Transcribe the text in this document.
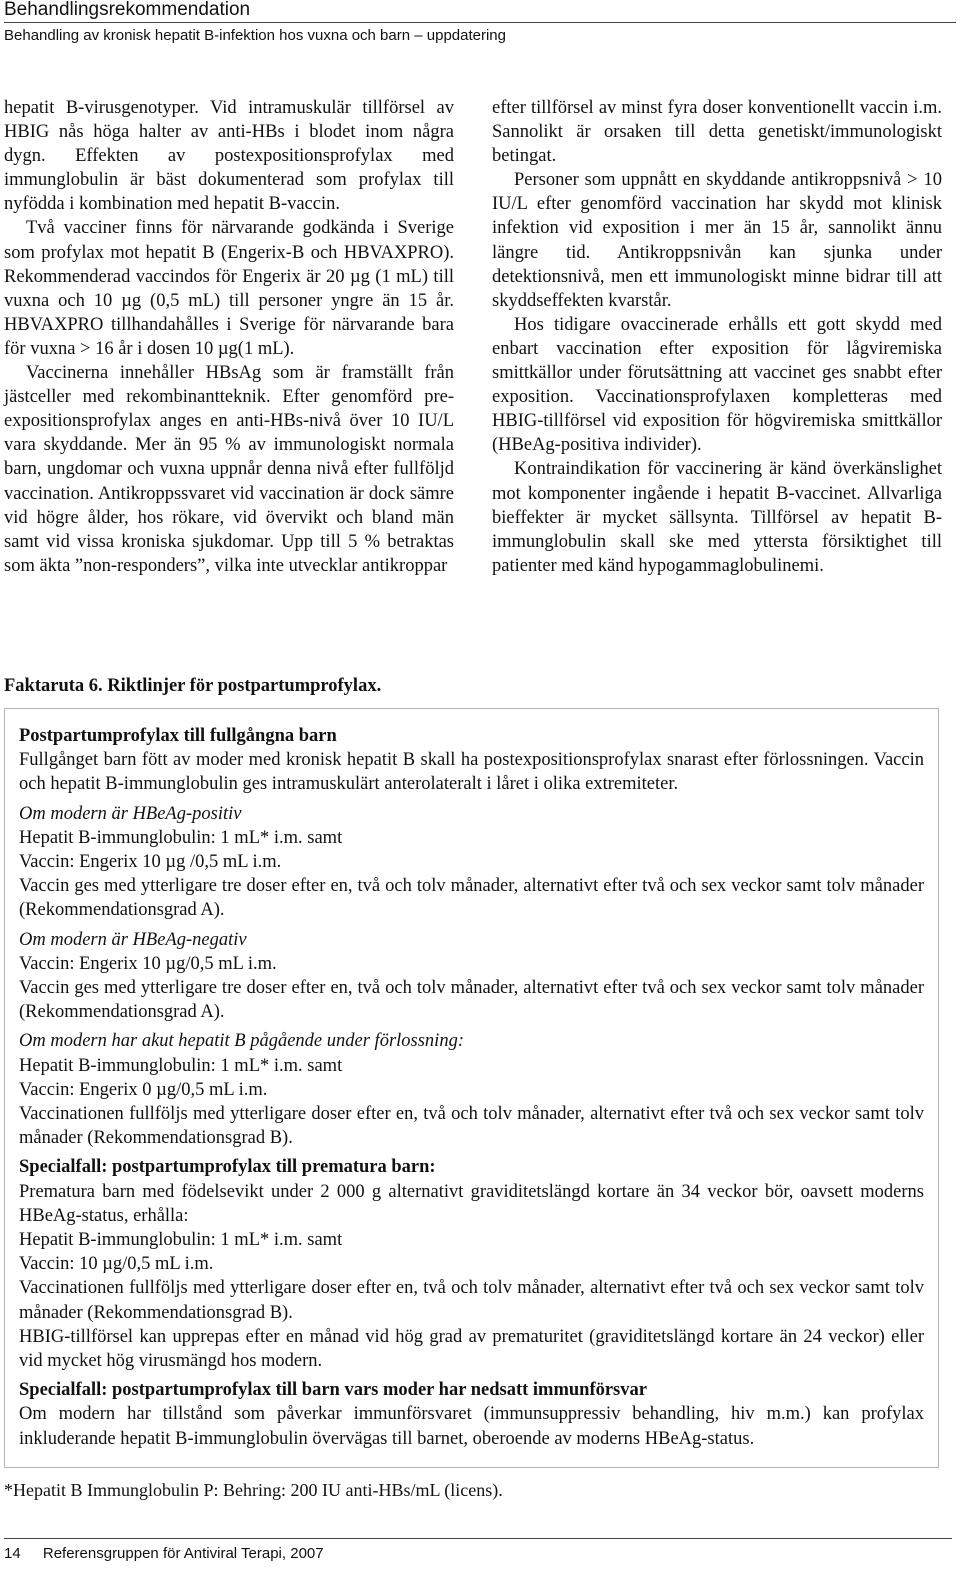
Behandlingsrekommendation
Behandling av kronisk hepatit B-infektion hos vuxna och barn – uppdatering

hepatit B-virusgenotyper. Vid intramuskulär tillförsel av HBIG nås höga halter av anti-HBs i blodet inom några dygn. Effekten av postexpositionsprofylax med immunglobulin är bäst dokumenterad som profylax till nyfödda i kombination med hepatit B-vaccin.

Två vacciner finns för närvarande godkända i Sverige som profylax mot hepatit B (Engerix-B och HBVAXPRO). Rekommenderad vaccindos för Engerix är 20 µg (1 mL) till vuxna och 10 µg (0,5 mL) till personer yngre än 15 år. HBVAXPRO tillhandahålles i Sverige för närvarande bara för vuxna > 16 år i dosen 10 µg(1 mL).

Vaccinerna innehåller HBsAg som är framställt från jästceller med rekombinantteknik. Efter genomförd pre-expositionsprofylax anges en anti-HBs-nivå över 10 IU/L vara skyddande. Mer än 95 % av immunologiskt normala barn, ungdomar och vuxna uppnår denna nivå efter fullföljd vaccination. Antikroppssvaret vid vaccination är dock sämre vid högre ålder, hos rökare, vid övervikt och bland män samt vid vissa kroniska sjukdomar. Upp till 5 % betraktas som äkta ”non-responders”, vilka inte utvecklar antikroppar

efter tillförsel av minst fyra doser konventionellt vaccin i.m. Sannolikt är orsaken till detta genetiskt/immunologiskt betingat.

Personer som uppnått en skyddande antikroppsnivå > 10 IU/L efter genomförd vaccination har skydd mot klinisk infektion vid exposition i mer än 15 år, sannolikt ännu längre tid. Antikroppsnivån kan sjunka under detektionsnivå, men ett immunologiskt minne bidrar till att skyddseffekten kvarstår.

Hos tidigare ovaccinerade erhålls ett gott skydd med enbart vaccination efter exposition för lågviremiska smittkällor under förutsättning att vaccinet ges snabbt efter exposition. Vaccinationsprofylaxen kompletteras med HBIG-tillförsel vid exposition för högviremiska smittkällor (HBeAg-positiva individer).

Kontraindikation för vaccinering är känd överkänslighet mot komponenter ingående i hepatit B-vaccinet. Allvarliga bieffekter är mycket sällsynta. Tillförsel av hepatit B-immunglobulin skall ske med yttersta försiktighet till patienter med känd hypogammaglobulinemi.

Faktaruta 6. Riktlinjer för postpartumprofylax.

Postpartumprofylax till fullgångna barn

Fullgånget barn fött av moder med kronisk hepatit B skall ha postexpositionsprofylax snarast efter förlossningen. Vaccin och hepatit B-immunglobulin ges intramuskulärt anterolateralt i låret i olika extremiteter.

Om modern är HBeAg-positiv

Hepatit B-immunglobulin: 1 mL* i.m. samt

Vaccin: Engerix 10 µg /0,5 mL i.m.

Vaccin ges med ytterligare tre doser efter en, två och tolv månader, alternativt efter två och sex veckor samt tolv månader (Rekommendationsgrad A).

Om modern är HBeAg-negativ

Vaccin: Engerix 10 µg/0,5 mL i.m.

Vaccin ges med ytterligare tre doser efter en, två och tolv månader, alternativt efter två och sex veckor samt tolv månader (Rekommendationsgrad A).

Om modern har akut hepatit B pågående under förlossning:

Hepatit B-immunglobulin: 1 mL* i.m. samt

Vaccin: Engerix 0 µg/0,5 mL i.m.

Vaccinationen fullföljs med ytterligare doser efter en, två och tolv månader, alternativt efter två och sex veckor samt tolv månader (Rekommendationsgrad B).

Specialfall: postpartumprofylax till prematura barn:

Prematura barn med födelsevikt under 2 000 g alternativt graviditetslängd kortare än 34 veckor bör, oavsett moderns HBeAg-status, erhålla:

Hepatit B-immunglobulin: 1 mL* i.m. samt

Vaccin: 10 µg/0,5 mL i.m.

Vaccinationen fullföljs med ytterligare doser efter en, två och tolv månader, alternativt efter två och sex veckor samt tolv månader (Rekommendationsgrad B).

HBIG-tillförsel kan upprepas efter en månad vid hög grad av prematuritet (graviditetslängd kortare än 24 veckor) eller vid mycket hög virusmängd hos modern.

Specialfall: postpartumprofylax till barn vars moder har nedsatt immunförsvar

Om modern har tillstånd som påverkar immunförsvaret (immunsuppressiv behandling, hiv m.m.) kan profylax inkluderande hepatit B-immunglobulin övervägas till barnet, oberoende av moderns HBeAg-status.

*Hepatit B Immunglobulin P: Behring: 200 IU anti-HBs/mL (licens).
14 Referensgruppen för Antiviral Terapi, 2007
